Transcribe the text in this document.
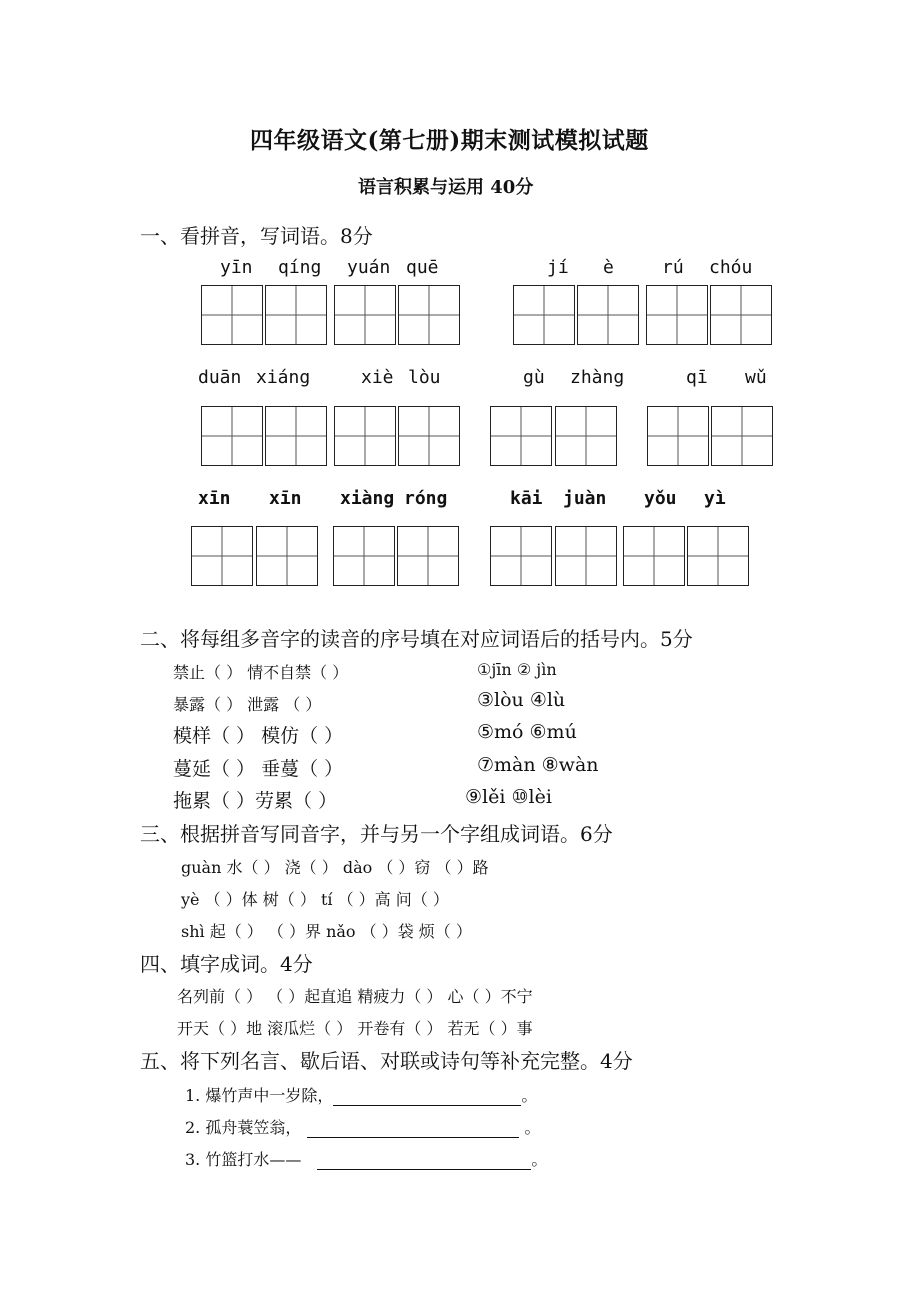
四年级语文(第七册)期末测试模拟试题
语言积累与运用 40分
一、看拼音，写词语。8分
yīn qíng yuán quē	jí è	rú chóu
duān xiáng	xiè lòu	gù zhàng	qī wǔ
xīn xīn xiàng róng	kāi juàn yǒu yì
二、将每组多音字的读音的序号填在对应词语后的括号内。5分
禁止（ ） 情不自禁（ ）	①jīn ② jìn
暴露（ ） 泄露 （ ）	③lòu ④lù
模样（ ） 模仿（ ）	⑤mó ⑥mú
蔓延（ ） 垂蔓（ ）	⑦màn ⑧wàn
拖累（ ）劳累（ ）	⑨lěi ⑩lèi
三、根据拼音写同音字，并与另一个字组成词语。6分
guàn 水（ ） 浇（ ） dào （ ）窃 （ ）路
yè （ ）体 树（ ） tí （ ）高 问（ ）
shì 起（ ） （ ）界 nǎo （ ）袋 烦（ ）
四、填字成词。4分
名列前（ ） （ ）起直追 精疲力（ ） 心（ ）不宁
开天（ ）地 滚瓜烂（ ） 开卷有（ ） 若无（ ）事
五、将下列名言、歇后语、对联或诗句等补充完整。4分
1. 爆竹声中一岁除，	。
2. 孤舟蓑笠翁，	。
3. 竹篮打水——	。
